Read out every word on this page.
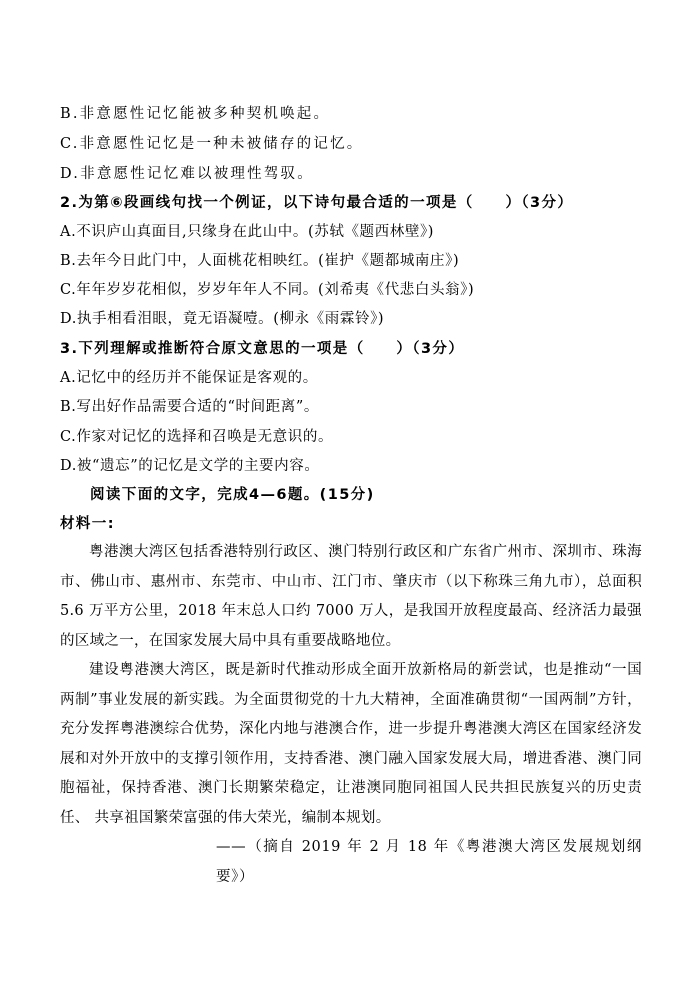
B.非意愿性记忆能被多种契机唤起。
C.非意愿性记忆是一种未被储存的记忆。
D.非意愿性记忆难以被理性驾驭。
2.为第⑥段画线句找一个例证，以下诗句最合适的一项是（　　）（3分）
A.不识庐山真面目,只缘身在此山中。(苏轼《题西林壁》)
B.去年今日此门中，人面桃花相映红。(崔护《题都城南庄》)
C.年年岁岁花相似，岁岁年年人不同。(刘希夷《代悲白头翁》)
D.执手相看泪眼，竟无语凝噎。(柳永《雨霖铃》)
3.下列理解或推断符合原文意思的一项是（　　）（3分）
A.记忆中的经历并不能保证是客观的。
B.写出好作品需要合适的“时间距离”。
C.作家对记忆的选择和召唤是无意识的。
D.被“遗忘”的记忆是文学的主要内容。
阅读下面的文字，完成4—6题。(15分)
材料一:
粤港澳大湾区包括香港特别行政区、澳门特别行政区和广东省广州市、深圳市、珠海市、佛山市、惠州市、东莞市、中山市、江门市、肇庆市（以下称珠三角九市），总面积 5.6 万平方公里，2018 年末总人口约 7000 万人，是我国开放程度最高、经济活力最强的区域之一，在国家发展大局中具有重要战略地位。
建设粤港澳大湾区，既是新时代推动形成全面开放新格局的新尝试，也是推动“一国两制”事业发展的新实践。为全面贯彻党的十九大精神，全面准确贯彻“一国两制”方针，充分发挥粤港澳综合优势，深化内地与港澳合作，进一步提升粤港澳大湾区在国家经济发展和对外开放中的支撑引领作用，支持香港、澳门融入国家发展大局，增进香港、澳门同胞福祉，保持香港、澳门长期繁荣稳定，让港澳同胞同祖国人民共担民族复兴的历史责任、 共享祖国繁荣富强的伟大荣光，编制本规划。
——（摘自 2019 年 2 月 18 年《粤港澳大湾区发展规划纲要》）
